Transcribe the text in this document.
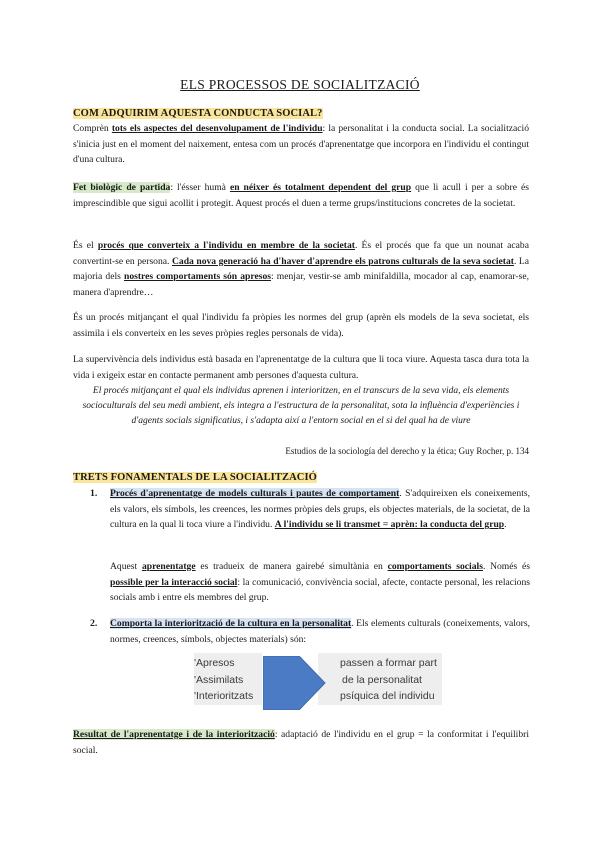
ELS PROCESSOS DE SOCIALITZACIÓ
COM ADQUIRIM AQUESTA CONDUCTA SOCIAL?
Comprèn tots els aspectes del desenvolupament de l'individu: la personalitat i la conducta social. La socialització s'inicia just en el moment del naixement, entesa com un procés d'aprenentatge que incorpora en l'individu el contingut d'una cultura.
Fet biològic de partida: l'ésser humà en néixer és totalment dependent del grup que li acull i per a sobre és imprescindible que sigui acollit i protegit. Aquest procés el duen a terme grups/institucions concretes de la societat.
És el procés que converteix a l'individu en membre de la societat. És el procés que fa que un nounat acaba convertint-se en persona. Cada nova generació ha d'haver d'aprendre els patrons culturals de la seva societat. La majoria dels nostres comportaments són apresos: menjar, vestir-se amb minifaldilla, mocador al cap, enamorar-se, manera d'aprendre…
És un procés mitjançant el qual l'individu fa pròpies les normes del grup (aprèn els models de la seva societat, els assimila i els converteix en les seves pròpies regles personals de vida).
La supervivència dels individus està basada en l'aprenentatge de la cultura que li toca viure. Aquesta tasca dura tota la vida i exigeix estar en contacte permanent amb persones d'aquesta cultura.
El procés mitjançant el qual els individus aprenen i interioritzen, en el transcurs de la seva vida, els elements socioculturals del seu medi ambient, els integra a l'estructura de la personalitat, sota la influència d'experiències i d'agents socials significatius, i s'adapta així a l'entorn social en el si del qual ha de viure
Estudios de la sociología del derecho y la ética; Guy Rocher, p. 134
TRETS FONAMENTALS DE LA SOCIALITZACIÓ
1. Procés d'aprenentatge de models culturals i pautes de comportament. S'adquireixen els coneixements, els valors, els símbols, les creences, les normes pròpies dels grups, els objectes materials, de la societat, de la cultura en la qual li toca viure a l'individu. A l'individu se li transmet = aprèn: la conducta del grup.
Aquest aprenentatge es tradueix de manera gairebé simultània en comportaments socials. Només és possible per la interacció social: la comunicació, convivència social, afecte, contacte personal, les relacions socials amb i entre els membres del grup.
2. Comporta la interiorització de la cultura en la personalitat. Els elements culturals (coneixements, valors, normes, creences, símbols, objectes materials) són:
'Apresos
'Assimilats
'Interioritzats
passen a formar part
de la personalitat
psíquica del individu
Resultat de l'aprenentatge i de la interiorització: adaptació de l'individu en el grup = la conformitat i l'equilibri social.
